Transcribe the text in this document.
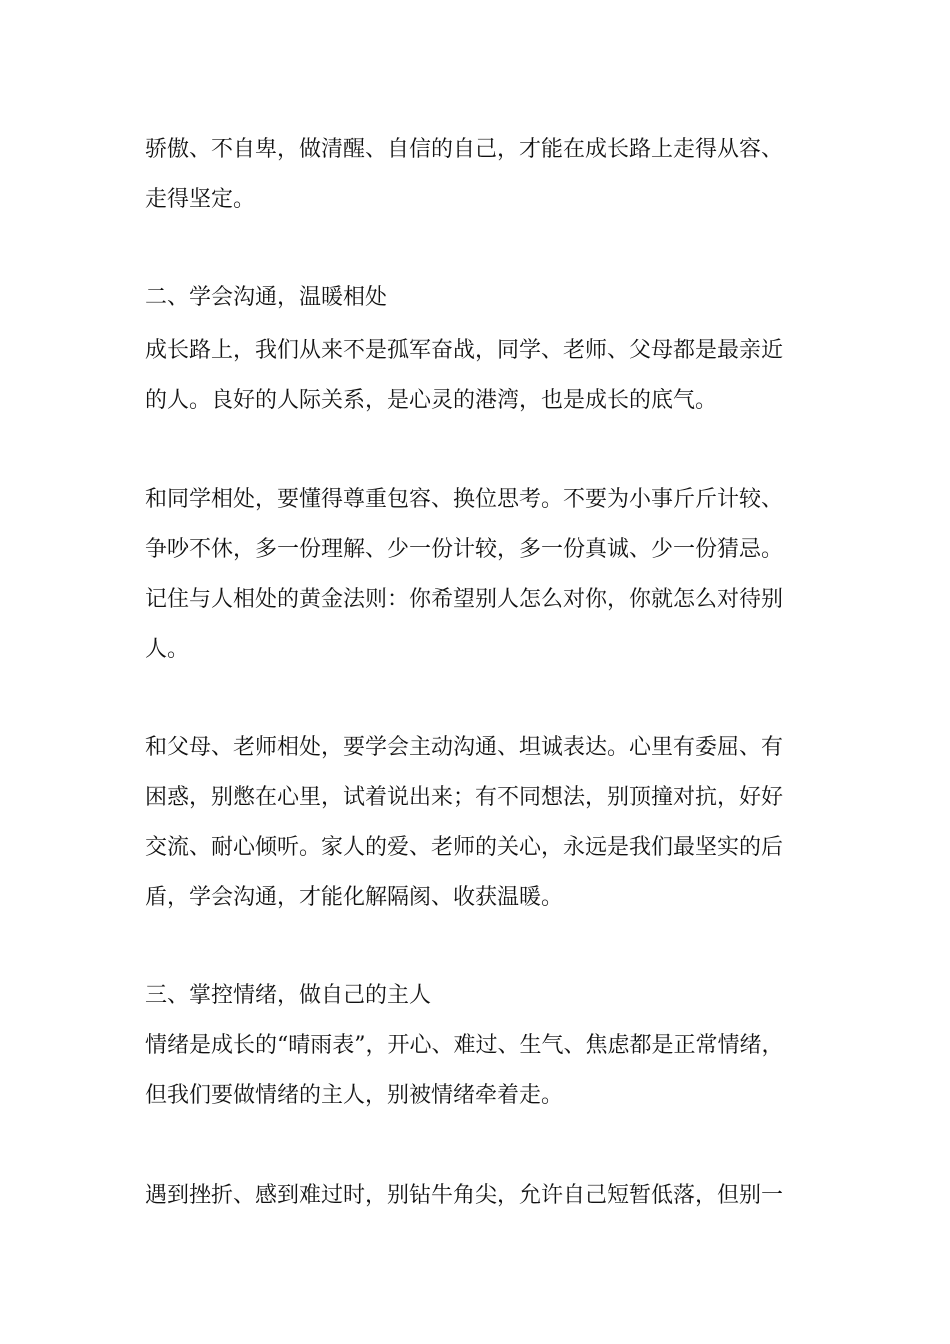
骄傲、不自卑，做清醒、自信的自己，才能在成长路上走得从容、
走得坚定。
二、学会沟通，温暖相处
成长路上，我们从来不是孤军奋战，同学、老师、父母都是最亲近
的人。良好的人际关系，是心灵的港湾，也是成长的底气。
和同学相处，要懂得尊重包容、换位思考。不要为小事斤斤计较、
争吵不休，多一份理解、少一份计较，多一份真诚、少一份猜忌。
记住与人相处的黄金法则：你希望别人怎么对你，你就怎么对待别
人。
和父母、老师相处，要学会主动沟通、坦诚表达。心里有委屈、有
困惑，别憋在心里，试着说出来；有不同想法，别顶撞对抗，好好
交流、耐心倾听。家人的爱、老师的关心，永远是我们最坚实的后
盾，学会沟通，才能化解隔阂、收获温暖。
三、掌控情绪，做自己的主人
情绪是成长的“晴雨表”，开心、难过、生气、焦虑都是正常情绪，
但我们要做情绪的主人，别被情绪牵着走。
遇到挫折、感到难过时，别钻牛角尖，允许自己短暂低落，但别一
